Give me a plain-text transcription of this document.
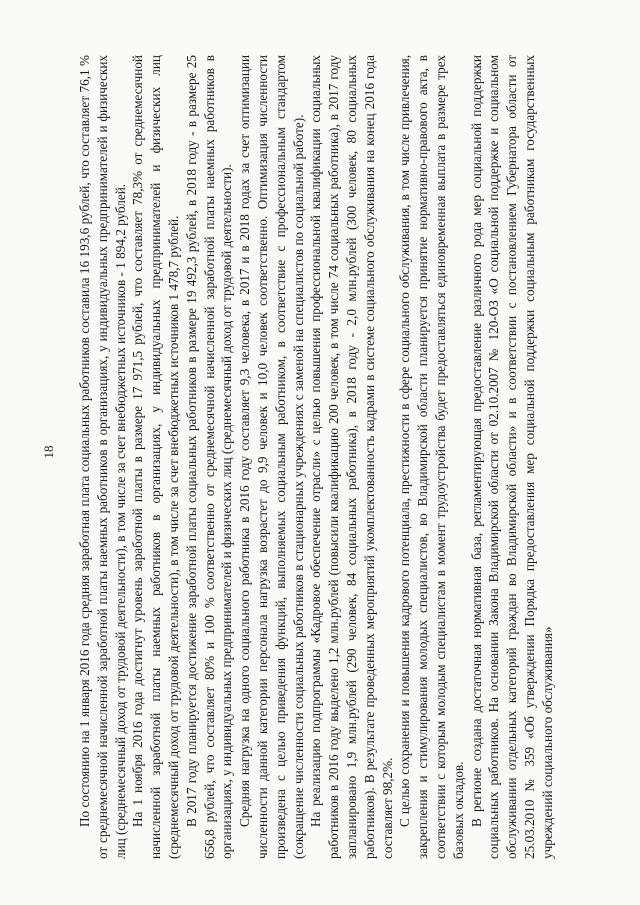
18	По состоянию на 1 января 2016 года средняя заработная плата социальных работников составила 16 193,6 рублей, что составляет 76,1 % от среднемесячной начисленной заработной платы наемных работников в организациях, у индивидуальных предпринимателей и физических лиц (среднемесячный доход от трудовой деятельности), в том числе за счет внебюджетных источников - 1 894,2 рублей. На 1 ноября 2016 года достигнут уровень заработной платы в размере 17 971,5 рублей, что составляет 78,3% от среднемесячной начисленной заработной платы наемных работников в организациях, у индивидуальных предпринимателей и физических лиц (среднемесячный доход от трудовой деятельности), в том числе за счет внебюджетных источников 1 478,7 рублей. В 2017 году планируется достижение заработной платы социальных работников в размере 19 492,3 рублей, в 2018 году - в размере 25 656,8 рублей, что составляет 80% и 100 % соответственно от среднемесячной начисленной заработной платы наемных работников в организациях, у индивидуальных предпринимателей и физических лиц (среднемесячный доход от трудовой деятельности). Средняя нагрузка на одного социального работника в 2016 году составляет 9,3 человека, в 2017 и в 2018 годах за счет оптимизации численности данной категории персонала нагрузка возрастет до 9,9 человек и 10,0 человек соответственно. Оптимизация численности произведена с целью приведения функций, выполняемых социальным работником, в соответствие с профессиональным стандартом (сокращение численности социальных работников в стационарных учреждениях с заменой на специалистов по социальной работе). На реализацию подпрограммы «Кадровое обеспечение отрасли» с целью повышения профессиональной квалификации социальных работников в 2016 году выделено 1,2 млн.рублей (повысили квалификацию 200 человек, в том числе 74 социальных работника), в 2017 году запланировано 1,9 млн.рублей (290 человек, 84 социальных работника), в 2018 году - 2,0 млн.рублей (300 человек, 80 социальных работников). В результате проведенных мероприятий укомплектованность кадрами в системе социального обслуживания на конец 2016 года составляет 98,2%. С целью сохранения и повышения кадрового потенциала, престижности в сфере социального обслуживания, в том числе привлечения, закрепления и стимулирования молодых специалистов, во Владимирской области планируется принятие нормативно-правового акта, в соответствии с которым молодым специалистам в момент трудоустройства будет предоставляться единовременная выплата в размере трех базовых окладов. В регионе создана достаточная нормативная база, регламентирующая предоставление различного рода мер социальной поддержки социальных работников. На основании Закона Владимирской области от 02.10.2007 № 120-ОЗ «О социальной поддержке и социальном обслуживании отдельных категорий граждан во Владимирской области» и в соответствии с постановлением Губернатора области от 25.03.2010 № 359 «Об утверждении Порядка предоставления мер социальной поддержки социальным работникам государственных учреждений социального обслуживания»
